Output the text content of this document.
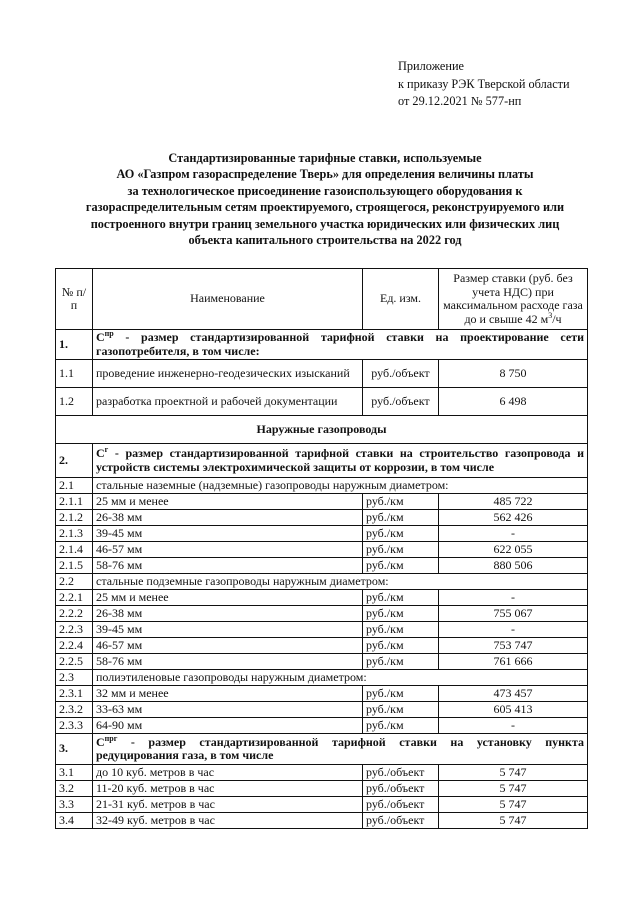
Приложение
к приказу РЭК Тверской области
от 29.12.2021 № 577-нп
Стандартизированные тарифные ставки, используемые
АО «Газпром газораспределение Тверь» для определения величины платы
за технологическое присоединение газоиспользующего оборудования к
газораспределительным сетям проектируемого, строящегося, реконструируемого или
построенного внутри границ земельного участка юридических или физических лиц
объекта капитального строительства на 2022 год
№ п/п	Наименование	Ед. изм.	Размер ставки (руб. без учета НДС) при максимальном расходе газа до и свыше 42 $м^3/ч$
1.	$С^{пр}$ - размер стандартизированной тарифной ставки на проектирование сети газопотребителя, в том числе:		
1.1	проведение инженерно-геодезических изысканий	руб./объект	8 750
1.2	разработка проектной и рабочей документации	руб./объект	6 498
Наружные газопроводы			
2.	$С^г$ - размер стандартизированной тарифной ставки на строительство газопровода и устройств системы электрохимической защиты от коррозии, в том числе		
2.1	стальные наземные (надземные) газопроводы наружным диаметром:		
2.1.1	25 мм и менее	руб./км	485 722
2.1.2	26-38 мм	руб./км	562 426
2.1.3	39-45 мм	руб./км	-
2.1.4	46-57 мм	руб./км	622 055
2.1.5	58-76 мм	руб./км	880 506
2.2	стальные подземные газопроводы наружным диаметром:		
2.2.1	25 мм и менее	руб./км	-
2.2.2	26-38 мм	руб./км	755 067
2.2.3	39-45 мм	руб./км	-
2.2.4	46-57 мм	руб./км	753 747
2.2.5	58-76 мм	руб./км	761 666
2.3	полиэтиленовые газопроводы наружным диаметром:		
2.3.1	32 мм и менее	руб./км	473 457
2.3.2	33-63 мм	руб./км	605 413
2.3.3	64-90 мм	руб./км	-
3.	$С^{прг}$ - размер стандартизированной тарифной ставки на установку пункта редуцирования газа, в том числе		
3.1	до 10 куб. метров в час	руб./объект	5 747
3.2	11-20 куб. метров в час	руб./объект	5 747
3.3	21-31 куб. метров в час	руб./объект	5 747
3.4	32-49 куб. метров в час	руб./объект	5 747
